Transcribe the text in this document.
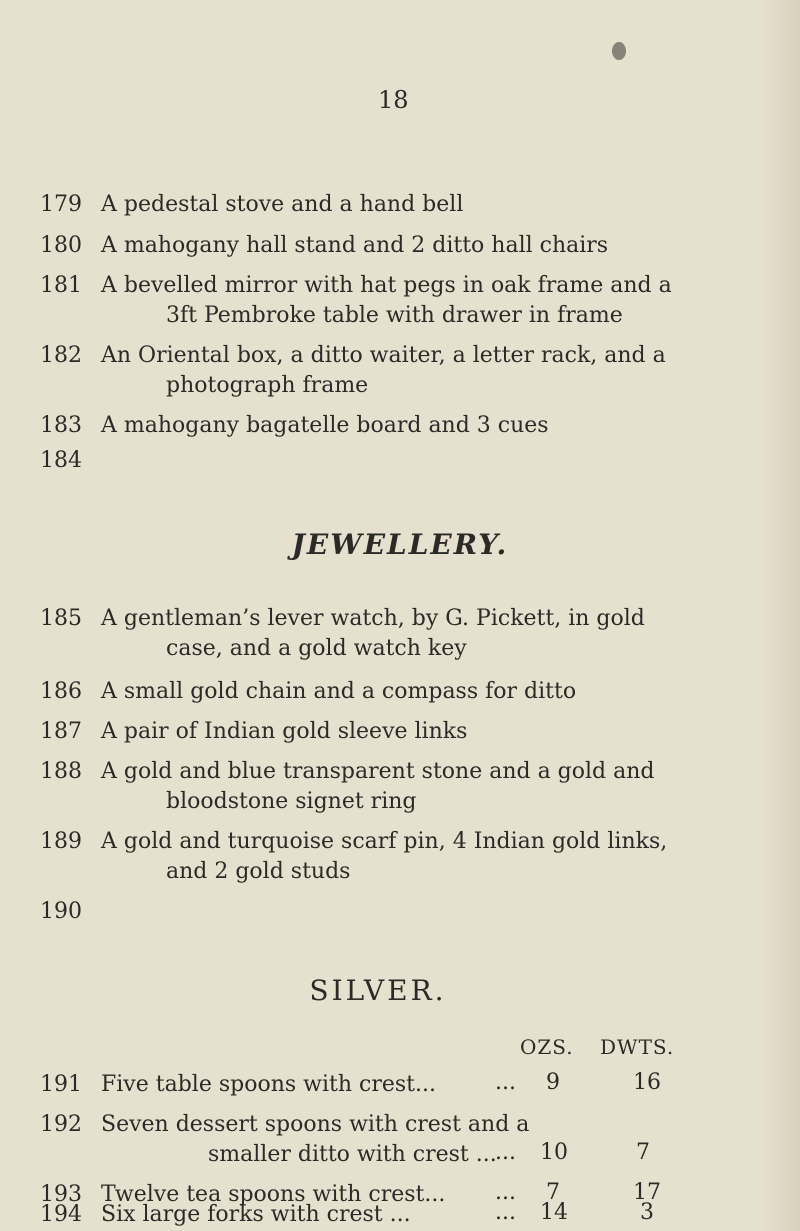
18
179 A pedestal stove and a hand bell
180 A mahogany hall stand and 2 ditto hall chairs
181 A bevelled mirror with hat pegs in oak frame and a
3ft Pembroke table with drawer in frame
182 An Oriental box, a ditto waiter, a letter rack, and a
photograph frame
183 A mahogany bagatelle board and 3 cues
184
JEWELLERY.
185 A gentleman’s lever watch, by G. Pickett, in gold
case, and a gold watch key
186 A small gold chain and a compass for ditto
187 A pair of Indian gold sleeve links
188 A gold and blue transparent stone and a gold and
bloodstone signet ring
189 A gold and turquoise scarf pin, 4 Indian gold links,
and 2 gold studs
190
SILVER.
OZS. DWTS.
191 Five table spoons with crest...	... 9	16
192 Seven dessert spoons with crest and a
smaller ditto with crest ...
... 10	7
193 Twelve tea spoons with crest...	... 7	17
194 Six large forks with crest ...	... 14	3
